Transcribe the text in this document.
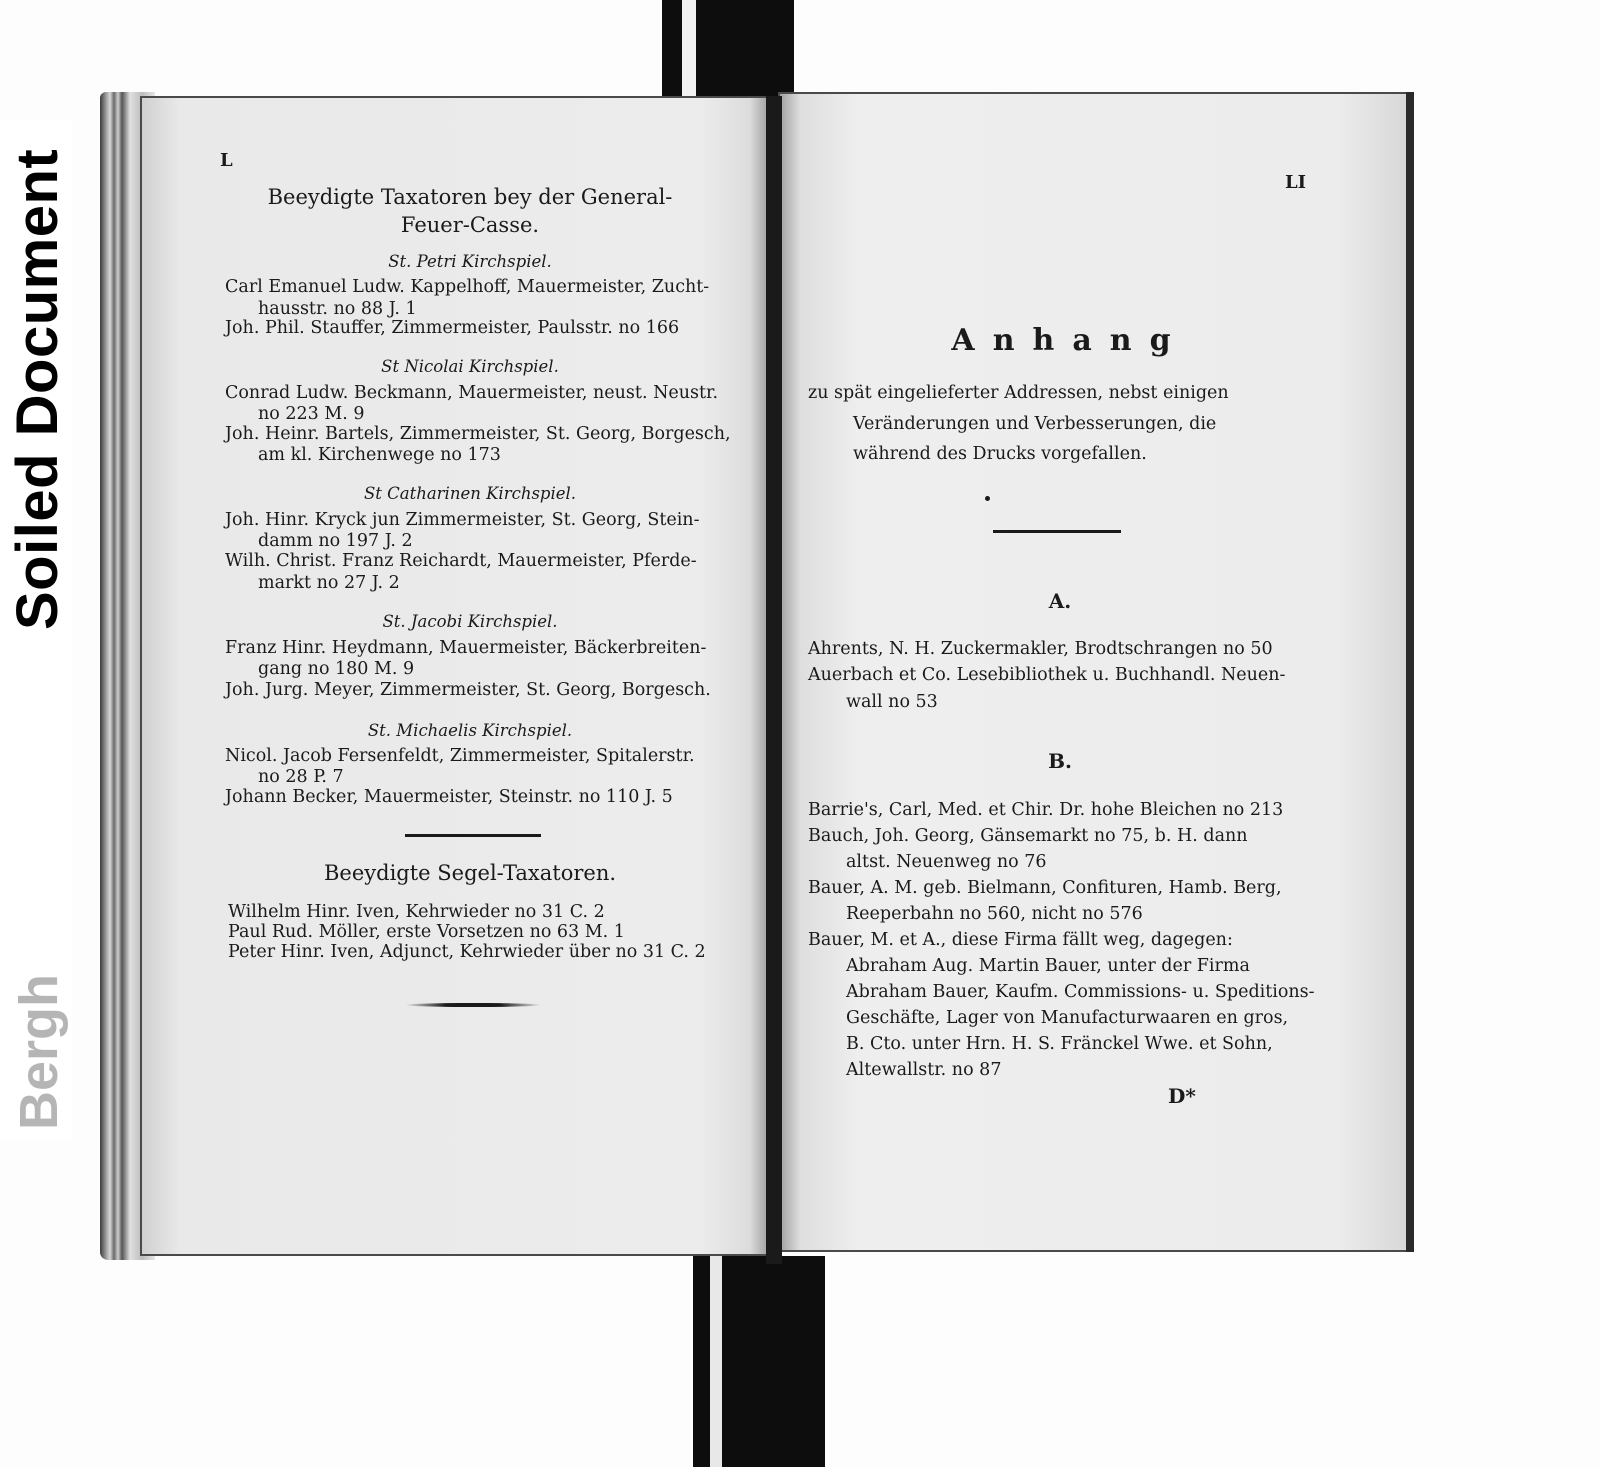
Soiled Document
Bergh
L
Beeydigte Taxatoren bey der General-
Feuer-Casse.
St. Petri Kirchspiel.
Carl Emanuel Ludw. Kappelhoff, Mauermeister, Zucht-
hausstr. no 88 J. 1
Joh. Phil. Stauffer, Zimmermeister, Paulsstr. no 166
St Nicolai Kirchspiel.
Conrad Ludw. Beckmann, Mauermeister, neust. Neustr.
no 223 M. 9
Joh. Heinr. Bartels, Zimmermeister, St. Georg, Borgesch,
am kl. Kirchenwege no 173
St Catharinen Kirchspiel.
Joh. Hinr. Kryck jun Zimmermeister, St. Georg, Stein-
damm no 197 J. 2
Wilh. Christ. Franz Reichardt, Mauermeister, Pferde-
markt no 27 J. 2
St. Jacobi Kirchspiel.
Franz Hinr. Heydmann, Mauermeister, Bäckerbreiten-
gang no 180 M. 9
Joh. Jurg. Meyer, Zimmermeister, St. Georg, Borgesch.
St. Michaelis Kirchspiel.
Nicol. Jacob Fersenfeldt, Zimmermeister, Spitalerstr.
no 28 P. 7
Johann Becker, Mauermeister, Steinstr. no 110 J. 5
Beeydigte Segel-Taxatoren.
Wilhelm Hinr. Iven, Kehrwieder no 31 C. 2
Paul Rud. Möller, erste Vorsetzen no 63 M. 1
Peter Hinr. Iven, Adjunct, Kehrwieder über no 31 C. 2
LI
Anhang
zu spät eingelieferter Addressen, nebst einigen
Veränderungen und Verbesserungen, die
während des Drucks vorgefallen.
A.
Ahrents, N. H. Zuckermakler, Brodtschrangen no 50
Auerbach et Co. Lesebibliothek u. Buchhandl. Neuen-
wall no 53
B.
Barrie's, Carl, Med. et Chir. Dr. hohe Bleichen no 213
Bauch, Joh. Georg, Gänsemarkt no 75, b. H. dann
altst. Neuenweg no 76
Bauer, A. M. geb. Bielmann, Confituren, Hamb. Berg,
Reeperbahn no 560, nicht no 576
Bauer, M. et A., diese Firma fällt weg, dagegen:
Abraham Aug. Martin Bauer, unter der Firma
Abraham Bauer, Kaufm. Commissions- u. Speditions-
Geschäfte, Lager von Manufacturwaaren en gros,
B. Cto. unter Hrn. H. S. Fränckel Wwe. et Sohn,
Altewallstr. no 87
D*
